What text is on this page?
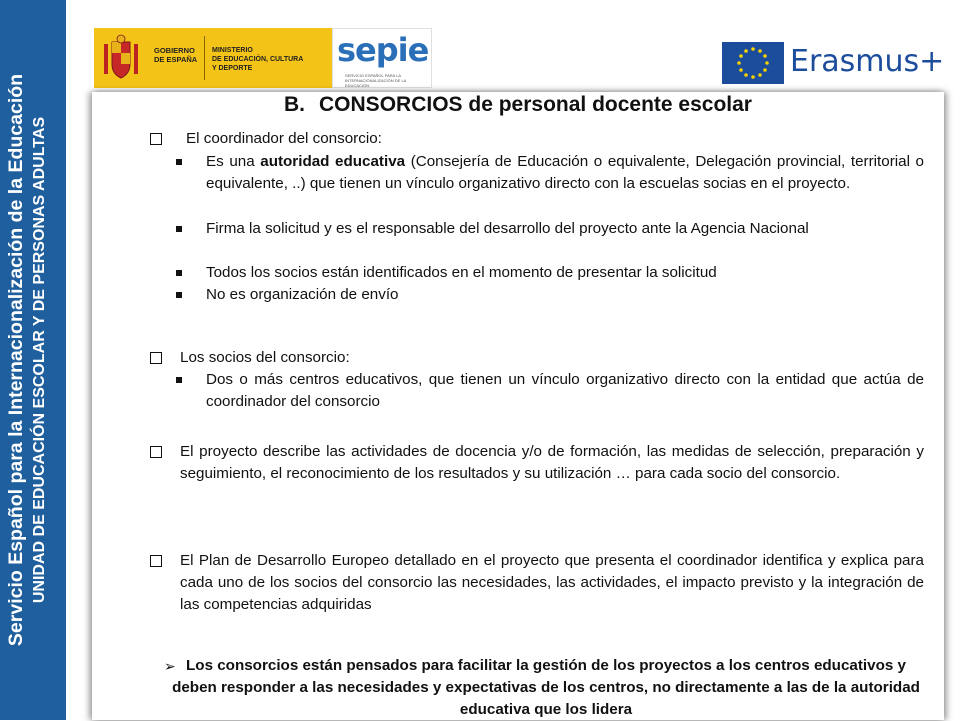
Servicio Español para la Internacionalización de la Educación UNIDAD DE EDUCACIÓN ESCOLAR Y DE PERSONAS ADULTAS
GOBIERNO
DE ESPAÑA
MINISTERIO
DE EDUCACIÓN, CULTURA
Y DEPORTE	sepie
SERVICIO ESPAÑOL PARA LA INTERNACIONALIZACIÓN DE LA EDUCACIÓN
Erasmus+
B. CONSORCIOS de personal docente escolar
El coordinador del consorcio:
Es una autoridad educativa (Consejería de Educación o equivalente, Delegación provincial, territorial o equivalente, ..) que tienen un vínculo organizativo directo con la escuelas socias en el proyecto.
Firma la solicitud y es el responsable del desarrollo del proyecto ante la Agencia Nacional
Todos los socios están identificados en el momento de presentar la solicitud
No es organización de envío
Los socios del consorcio:
Dos o más centros educativos, que tienen un vínculo organizativo directo con la entidad que actúa de coordinador del consorcio
El proyecto describe las actividades de docencia y/o de formación, las medidas de selección, preparación y seguimiento, el reconocimiento de los resultados y su utilización … para cada socio del consorcio.
El Plan de Desarrollo Europeo detallado en el proyecto que presenta el coordinador identifica y explica para cada uno de los socios del consorcio las necesidades, las actividades, el impacto previsto y la integración de las competencias adquiridas
➢ Los consorcios están pensados para facilitar la gestión de los proyectos a los centros educativos y deben responder a las necesidades y expectativas de los centros, no directamente a las de la autoridad educativa que los lidera
